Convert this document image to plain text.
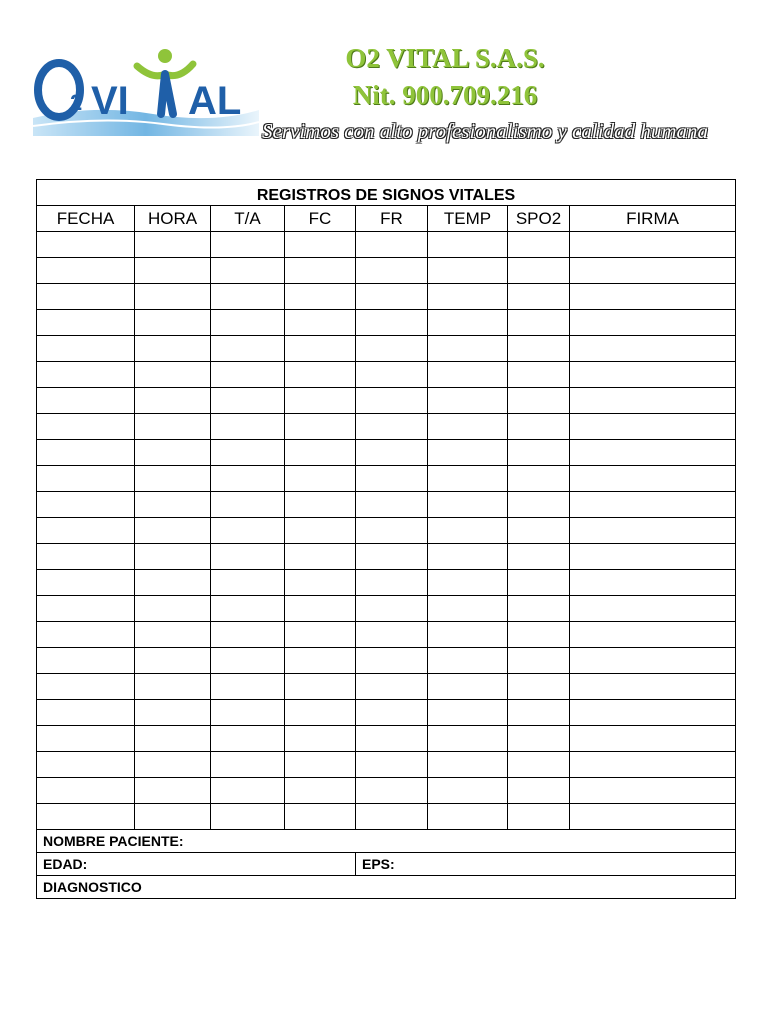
2 VI AL
O2 VITAL S.A.S.
Nit. 900.709.216
Servimos con alto profesionalismo y calidad humana
REGISTROS DE SIGNOS VITALES							
FECHA	HORA	T/A	FC	FR	TEMP	SPO2	FIRMA

NOMBRE PACIENTE:							
EDAD:				EPS:			
DIAGNOSTICO							
